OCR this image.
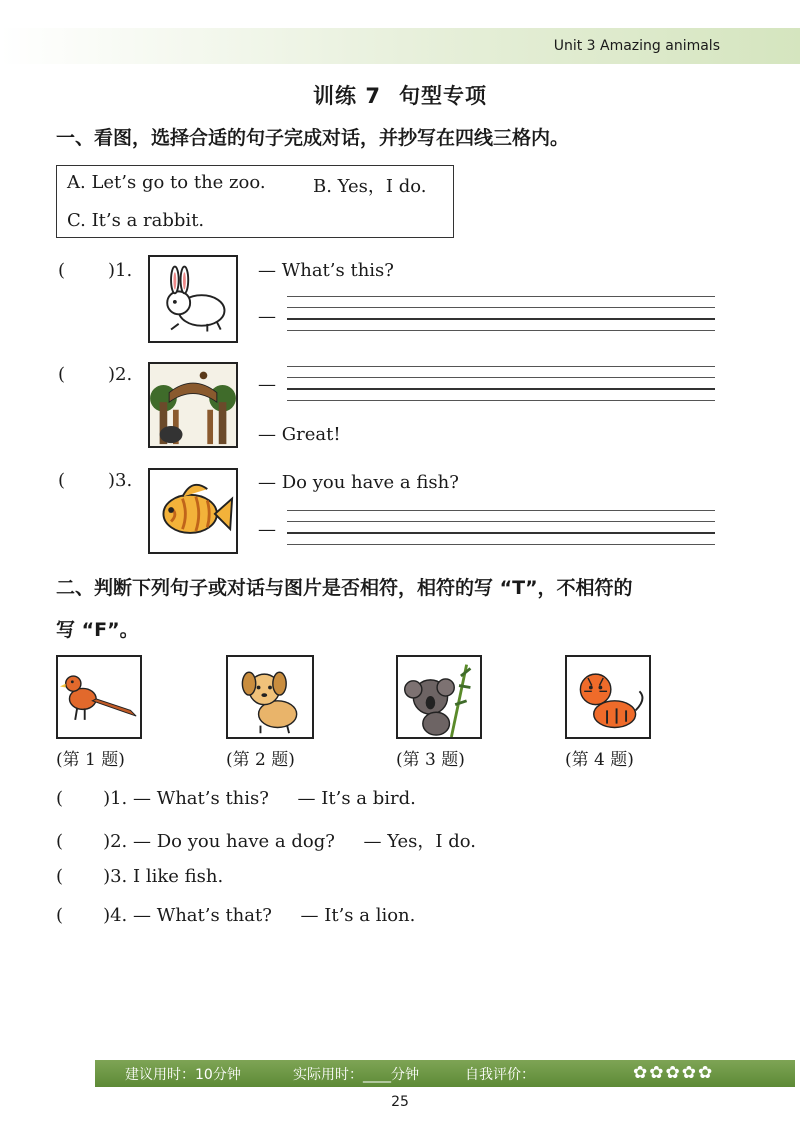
Unit 3 Amazing animals
训练 7 句型专项
一、看图，选择合适的句子完成对话，并抄写在四线三格内。
A. Let’s go to the zoo.	B. Yes，I do.
C. It’s a rabbit.
( )1.	— What’s this?
—
( )2.	—
— Great!
( )3.	— Do you have a fish?
—
二、判断下列句子或对话与图片是否相符，相符的写 “T”，不相符的
写 “F”。
(第 1 题)	(第 2 题)	(第 3 题)	(第 4 题)
(       )1. — What’s this?     — It’s a bird.
(       )2. — Do you have a dog?     — Yes，I do.
(       )3. I like fish.
(       )4. — What’s that?     — It’s a lion.
建议用时：10分钟	实际用时：____分钟	自我评价：	✿✿✿✿✿
25
